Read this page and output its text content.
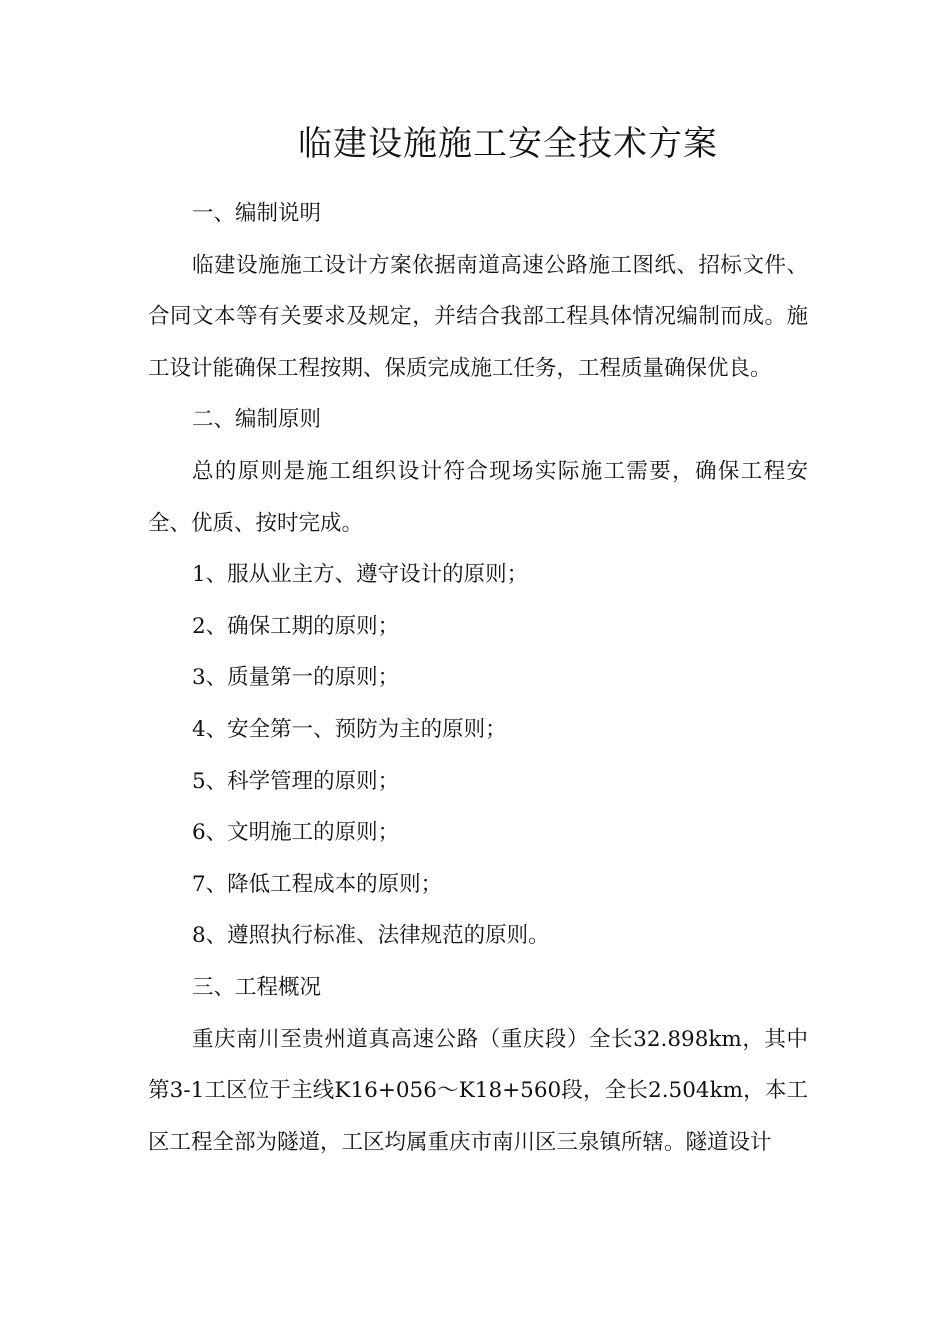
临建设施施工安全技术方案

一、编制说明

临建设施施工设计方案依据南道高速公路施工图纸、招标文件、合同文本等有关要求及规定，并结合我部工程具体情况编制而成。施工设计能确保工程按期、保质完成施工任务，工程质量确保优良。

二、编制原则

总的原则是施工组织设计符合现场实际施工需要，确保工程安全、优质、按时完成。

1、服从业主方、遵守设计的原则；

2、确保工期的原则；

3、质量第一的原则；

4、安全第一、预防为主的原则；

5、科学管理的原则；

6、文明施工的原则；

7、降低工程成本的原则；

8、遵照执行标准、法律规范的原则。

三、工程概况

重庆南川至贵州道真高速公路（重庆段）全长32.898km，其中第3-1工区位于主线K16+056～K18+560段，全长2.504km，本工区工程全部为隧道，工区均属重庆市南川区三泉镇所辖。隧道设计
